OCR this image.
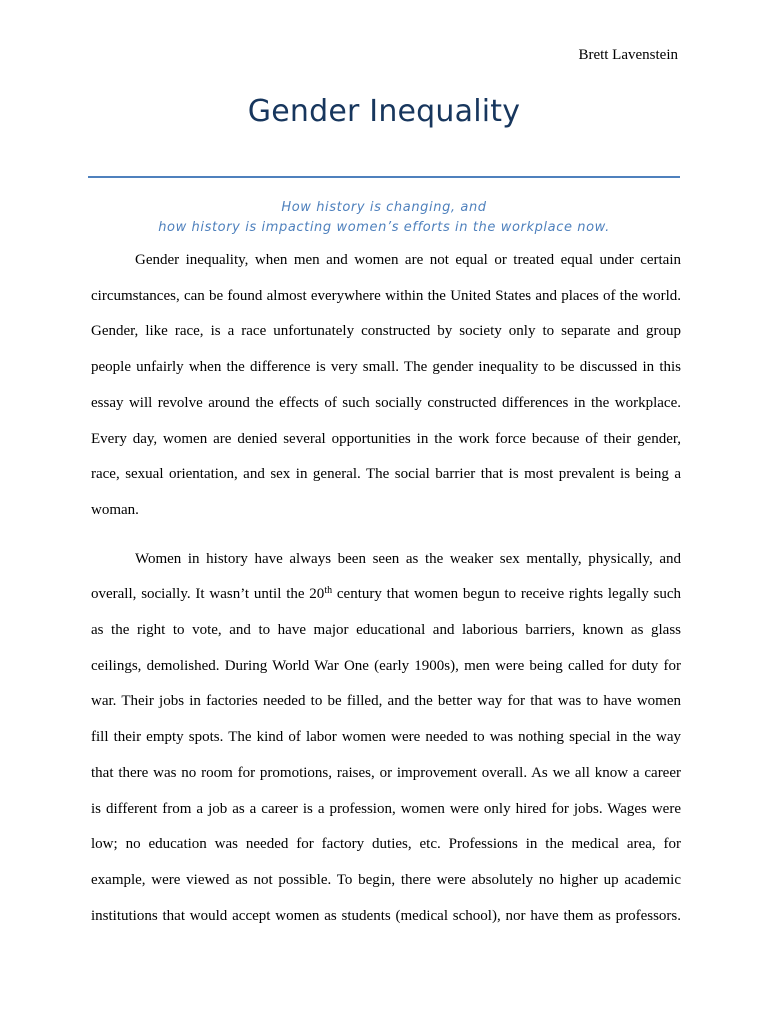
Brett Lavenstein
Gender Inequality
How history is changing, and
how history is impacting women’s efforts in the workplace now.
Gender inequality, when men and women are not equal or treated equal under certain
circumstances, can be found almost everywhere within the United States and places of the world.
Gender, like race, is a race unfortunately constructed by society only to separate and group
people unfairly when the difference is very small. The gender inequality to be discussed in this
essay will revolve around the effects of such socially constructed differences in the workplace.
Every day, women are denied several opportunities in the work force because of their gender,
race, sexual orientation, and sex in general. The social barrier that is most prevalent is being a
woman.
Women in history have always been seen as the weaker sex mentally, physically, and
overall, socially. It wasn’t until the 20th century that women begun to receive rights legally such
as the right to vote, and to have major educational and laborious barriers, known as glass
ceilings, demolished. During World War One (early 1900s), men were being called for duty for
war. Their jobs in factories needed to be filled, and the better way for that was to have women
fill their empty spots. The kind of labor women were needed to was nothing special in the way
that there was no room for promotions, raises, or improvement overall. As we all know a career
is different from a job as a career is a profession, women were only hired for jobs. Wages were
low; no education was needed for factory duties, etc. Professions in the medical area, for
example, were viewed as not possible. To begin, there were absolutely no higher up academic
institutions that would accept women as students (medical school), nor have them as professors.
